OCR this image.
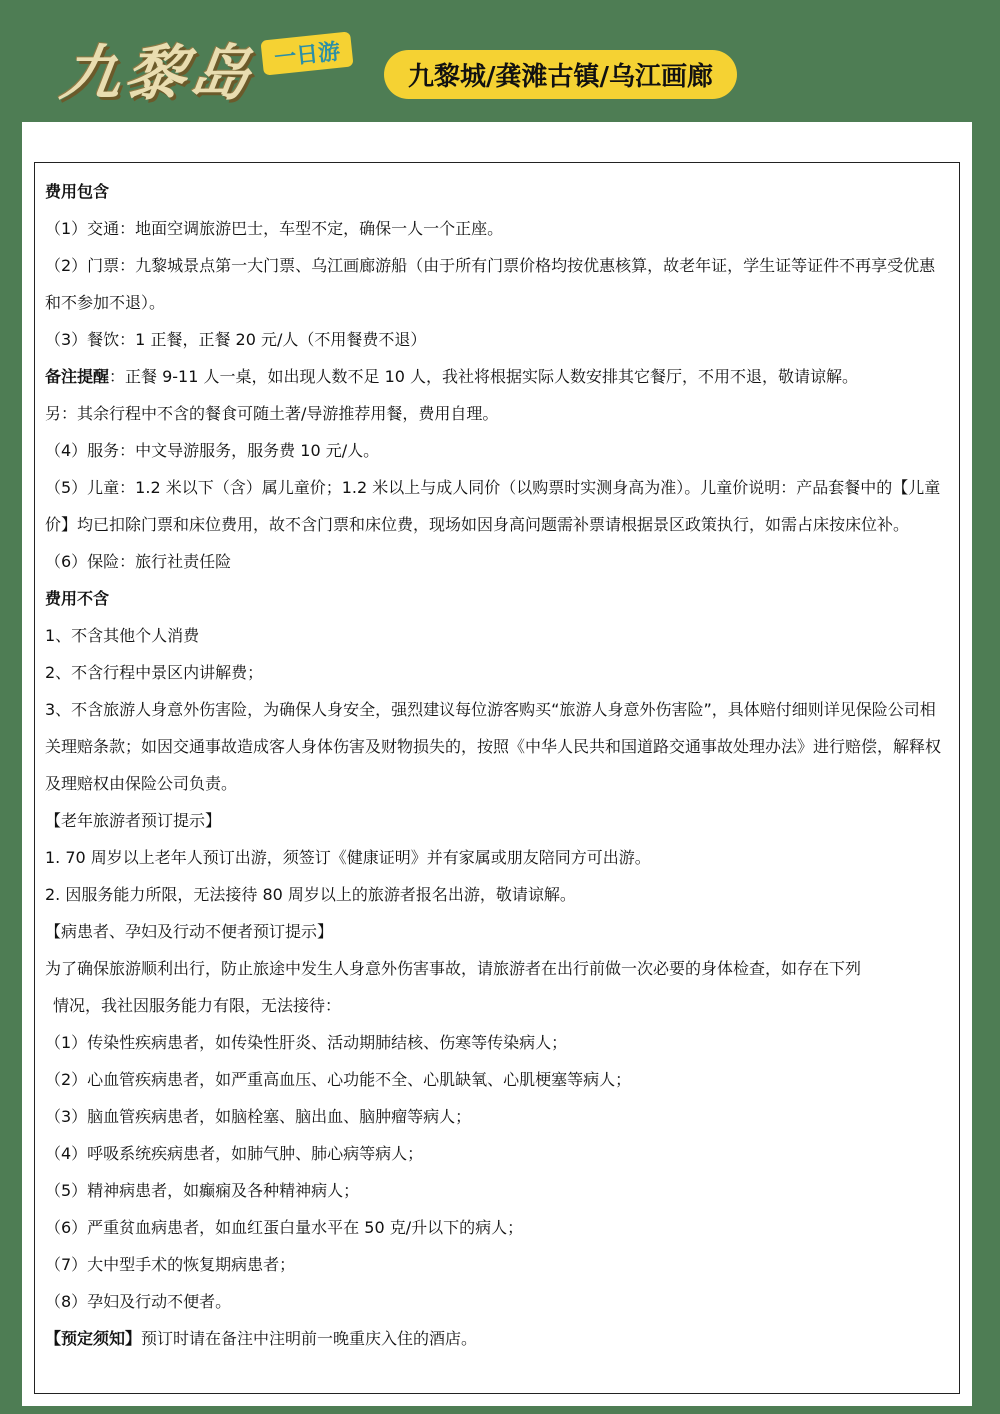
九黎岛 一日游
九黎城/龚滩古镇/乌江画廊

费用包含

（1）交通：地面空调旅游巴士，车型不定，确保一人一个正座。

（2）门票：九黎城景点第一大门票、乌江画廊游船（由于所有门票价格均按优惠核算，故老年证，学生证等证件不再享受优惠和不参加不退）。

（3）餐饮：1 正餐，正餐 20 元/人（不用餐费不退）

备注提醒：正餐 9-11 人一桌，如出现人数不足 10 人，我社将根据实际人数安排其它餐厅，不用不退，敬请谅解。

另：其余行程中不含的餐食可随土著/导游推荐用餐，费用自理。

（4）服务：中文导游服务，服务费 10 元/人。

（5）儿童：1.2 米以下（含）属儿童价；1.2 米以上与成人同价（以购票时实测身高为准）。儿童价说明：产品套餐中的【儿童价】均已扣除门票和床位费用，故不含门票和床位费，现场如因身高问题需补票请根据景区政策执行，如需占床按床位补。

（6）保险：旅行社责任险

费用不含

1、不含其他个人消费

2、不含行程中景区内讲解费；

3、不含旅游人身意外伤害险，为确保人身安全，强烈建议每位游客购买“旅游人身意外伤害险”，具体赔付细则详见保险公司相关理赔条款；如因交通事故造成客人身体伤害及财物损失的，按照《中华人民共和国道路交通事故处理办法》进行赔偿，解释权及理赔权由保险公司负责。

【老年旅游者预订提示】

1. 70 周岁以上老年人预订出游，须签订《健康证明》并有家属或朋友陪同方可出游。

2. 因服务能力所限，无法接待 80 周岁以上的旅游者报名出游，敬请谅解。

【病患者、孕妇及行动不便者预订提示】

为了确保旅游顺利出行，防止旅途中发生人身意外伤害事故，请旅游者在出行前做一次必要的身体检查，如存在下列

情况，我社因服务能力有限，无法接待：

（1）传染性疾病患者，如传染性肝炎、活动期肺结核、伤寒等传染病人；

（2）心血管疾病患者，如严重高血压、心功能不全、心肌缺氧、心肌梗塞等病人；

（3）脑血管疾病患者，如脑栓塞、脑出血、脑肿瘤等病人；

（4）呼吸系统疾病患者，如肺气肿、肺心病等病人；

（5）精神病患者，如癫痫及各种精神病人；

（6）严重贫血病患者，如血红蛋白量水平在 50 克/升以下的病人；

（7）大中型手术的恢复期病患者；

（8）孕妇及行动不便者。

【预定须知】预订时请在备注中注明前一晚重庆入住的酒店。
